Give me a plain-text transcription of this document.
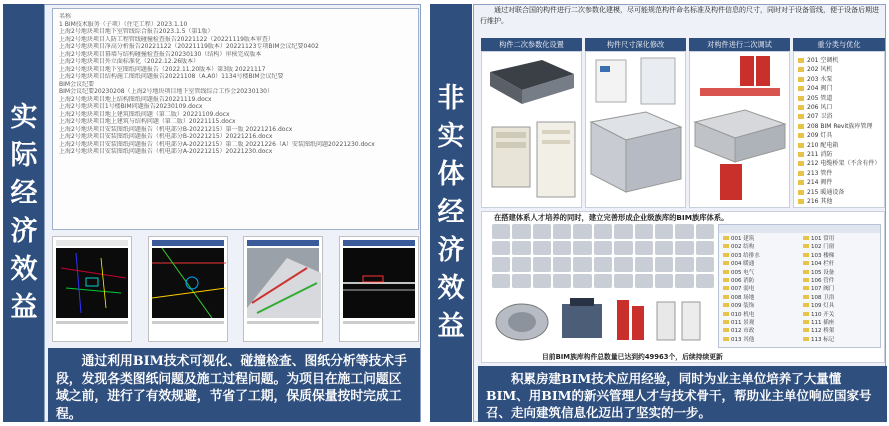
实际经济效益
名称
1 BIM技术服务（子项）（住宅工程）2023.1.10
上海2号地块项目地下室管线综合报告2023.1.5（第1版）
上海2号地块项目人防工程管线碰撞检查报告20221122（20221119版本审查）
上海2号地块项目净高分析报告20221122（20221119版本）20221123专项BIM会议纪要0402
上海2号地块项目幕墙与结构碰撞检查报告20230130（结构）审核完成版本
上海2号地块项目外立面标准化（2022.12.26版本）
上海2号地块项目地下室图纸问题报告（2022.11.20版本）第3版 20221117
上海2号地块项目结构施工图纸问题报告20221108（A.A0）1134号楼BIM会议纪要
BIM会议纪要
BIM会议纪要20230208（上海2号地块项目地下室管线综合工作会20230130）
上海2号地块项目地上结构图纸问题报告20221119.docx
上海2号地块项目1号楼BIM问题报告20230109.docx
上海2号地块项目地上建筑图纸问题（第二版）20221109.docx
上海2号地块项目地上建筑与结构问题（第二版）20221115.docx
上海2号地块项目安装图纸问题报告（机电部分B-20221215）第一版 20221216.docx
上海2号地块项目安装图纸问题报告（机电部分B-20221215）20221216.docx
上海2号地块项目安装图纸问题报告（机电部分A-20221215）第二版 20221226（A）安装图纸问题20221230.docx
上海2号地块项目安装图纸问题报告（机电部分A-20221215）20221230.docx
通过利用BIM技术可视化、碰撞检查、图纸分析等技术手段，发现各类图纸问题及施工过程问题。为项目在施工问题区域之前，进行了有效规避，节省了工期，保质保量按时完成工程。
非实体经济效益
通过对联合国的构件进行二次参数化建模，尽可能规范构件命名标准及构件信息的尺寸，同时对于设备管线，便于设备后期进行维护。
构件二次参数化设置	构件尺寸深化修改	对构件进行二次调试	重分类与优化
201 空调机
202 风机
203 水泵
204 阀门
205 管道
206 风口
207 卫浴
208 BIM Revit族库管理
209 灯具
210 配电箱
211 消防
212 电缆桥架（不含有件）
213 管件
214 阀件
215 暖通设备
216 其他
在搭建体系人才培养的同时，建立完善形成企业级族库的BIM族库体系。
001 建筑
002 结构
003 给排水
004 暖通
005 电气
006 消防
007 弱电
008 场地
009 装饰
010 机电
011 景观
012 市政
013 其他
101 常用
102 门窗
103 楼梯
104 栏杆
105 设备
106 管件
107 阀门
108 卫浴
109 灯具
110 开关
111 插座
112 桥架
113 标记
目前BIM族库构件总数量已达到约49963个，后续持续更新
积累房建BIM技术应用经验，同时为业主单位培养了大量懂BIM、用BIM的新兴管理人才与技术骨干，帮助业主单位响应国家号召、走向建筑信息化迈出了坚实的一步。
